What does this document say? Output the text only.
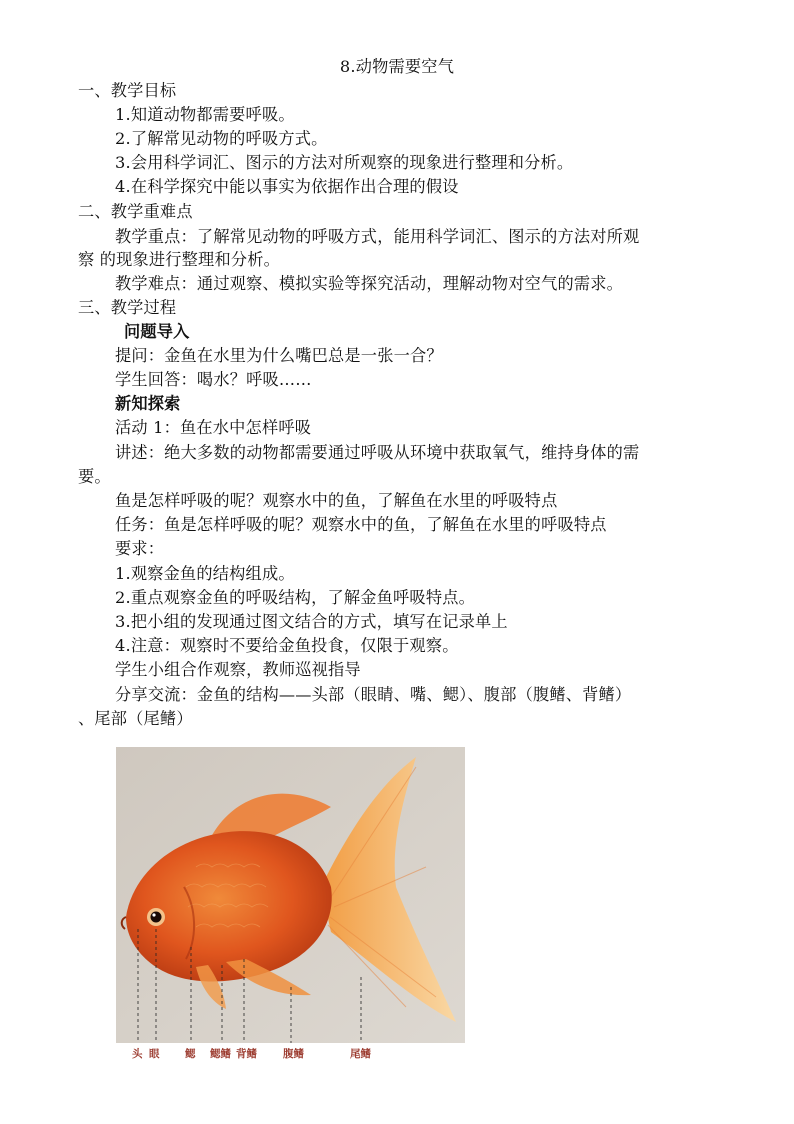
8.动物需要空气
一、教学目标
1.知道动物都需要呼吸。
2.了解常见动物的呼吸方式。
3.会用科学词汇、图示的方法对所观察的现象进行整理和分析。
4.在科学探究中能以事实为依据作出合理的假设
二、教学重难点
教学重点：了解常见动物的呼吸方式，能用科学词汇、图示的方法对所观
察 的现象进行整理和分析。
教学难点：通过观察、模拟实验等探究活动，理解动物对空气的需求。
三、教学过程
问题导入
提问：金鱼在水里为什么嘴巴总是一张一合？
学生回答：喝水？呼吸……
新知探索
活动 1：鱼在水中怎样呼吸
讲述：绝大多数的动物都需要通过呼吸从环境中获取氧气，维持身体的需
要。
鱼是怎样呼吸的呢？观察水中的鱼，了解鱼在水里的呼吸特点
任务：鱼是怎样呼吸的呢？观察水中的鱼，了解鱼在水里的呼吸特点
要求：
1.观察金鱼的结构组成。
2.重点观察金鱼的呼吸结构，了解金鱼呼吸特点。
3.把小组的发现通过图文结合的方式，填写在记录单上
4.注意：观察时不要给金鱼投食，仅限于观察。
学生小组合作观察，教师巡视指导
分享交流：金鱼的结构——头部（眼睛、嘴、鳃）、腹部（腹鳍、背鳍）
、尾部（尾鳍）
头 眼 鳃 鳃鳍 背鳍 腹鳍	尾鳍
